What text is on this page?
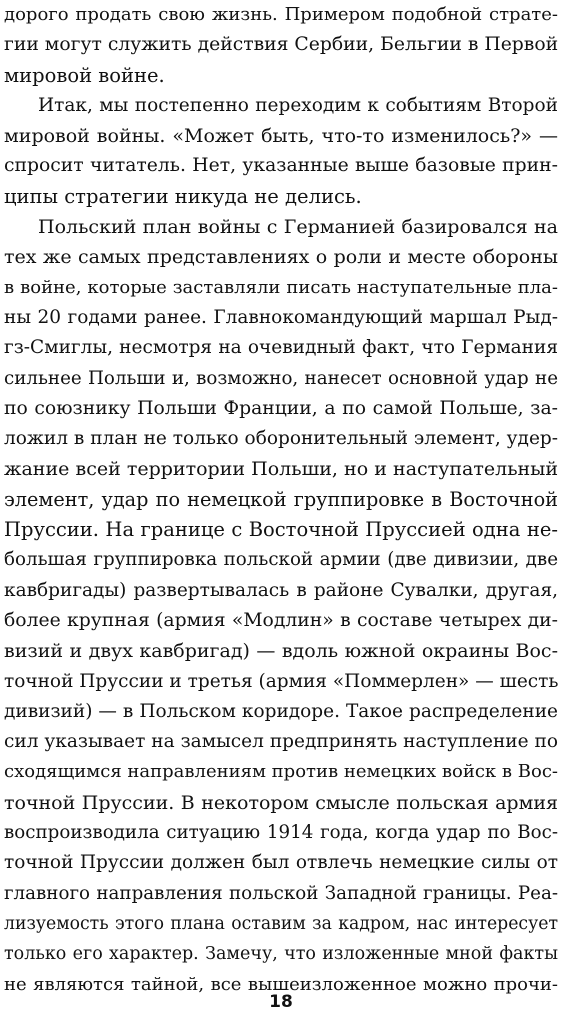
дорого продать свою жизнь. Примером подобной страте-
гии могут служить действия Сербии, Бельгии в Первой
мировой войне.
Итак, мы постепенно переходим к событиям Второй
мировой войны. «Может быть, что-то изменилось?» —
спросит читатель. Нет, указанные выше базовые прин-
ципы стратегии никуда не делись.
Польский план войны с Германией базировался на
тех же самых представлениях о роли и месте обороны
в войне, которые заставляли писать наступательные пла-
ны 20 годами ранее. Главнокомандующий маршал Рыд-
гз-Смиглы, несмотря на очевидный факт, что Германия
сильнее Польши и, возможно, нанесет основной удар не
по союзнику Польши Франции, а по самой Польше, за-
ложил в план не только оборонительный элемент, удер-
жание всей территории Польши, но и наступательный
элемент, удар по немецкой группировке в Восточной
Пруссии. На границе с Восточной Пруссией одна не-
большая группировка польской армии (две дивизии, две
кавбригады) развертывалась в районе Сувалки, другая,
более крупная (армия «Модлин» в составе четырех ди-
визий и двух кавбригад) — вдоль южной окраины Вос-
точной Пруссии и третья (армия «Поммерлен» — шесть
дивизий) — в Польском коридоре. Такое распределение
сил указывает на замысел предпринять наступление по
сходящимся направлениям против немецких войск в Вос-
точной Пруссии. В некотором смысле польская армия
воспроизводила ситуацию 1914 года, когда удар по Вос-
точной Пруссии должен был отвлечь немецкие силы от
главного направления польской Западной границы. Реа-
лизуемость этого плана оставим за кадром, нас интересует
только его характер. Замечу, что изложенные мной факты
не являются тайной, все вышеизложенное можно прочи-
18
